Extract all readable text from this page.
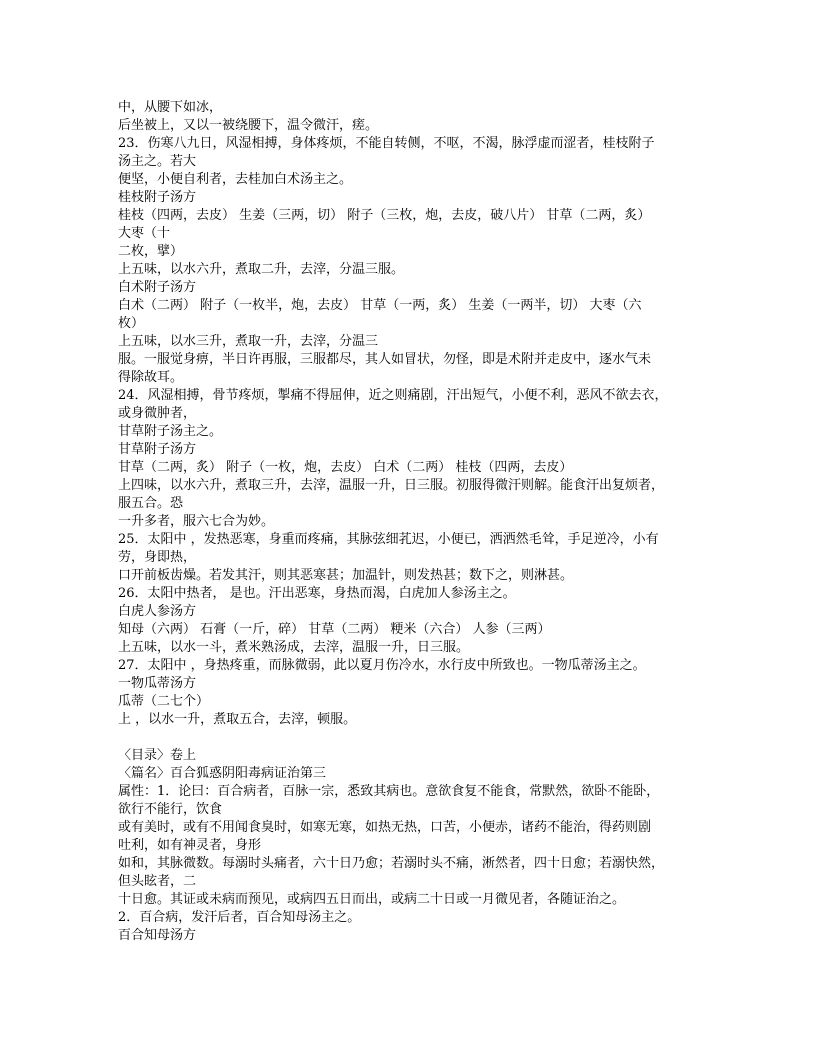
中，从腰下如冰，
后坐被上，又以一被绕腰下，温令微汗，瘥。
23．伤寒八九日，风湿相搏，身体疼烦，不能自转侧，不呕，不渴，脉浮虚而涩者，桂枝附子
汤主之。若大
便坚，小便自利者，去桂加白术汤主之。
桂枝附子汤方
桂枝（四两，去皮） 生姜（三两，切） 附子（三枚，炮，去皮，破八片） 甘草（二两，炙）
大枣（十
二枚，擘）
上五味，以水六升，煮取二升，去滓，分温三服。
白术附子汤方
白术（二两） 附子（一枚半，炮，去皮） 甘草（一两，炙） 生姜（一两半，切） 大枣（六
枚）
上五味，以水三升，煮取一升，去滓，分温三
服。一服觉身痹，半日许再服，三服都尽，其人如冒状，勿怪，即是术附并走皮中，逐水气未
得除故耳。
24．风湿相搏，骨节疼烦，掣痛不得屈伸，近之则痛剧，汗出短气，小便不利，恶风不欲去衣，
或身微肿者，
甘草附子汤主之。
甘草附子汤方
甘草（二两，炙） 附子（一枚，炮，去皮） 白术（二两） 桂枝（四两，去皮）
上四味，以水六升，煮取三升，去滓，温服一升，日三服。初服得微汗则解。能食汗出复烦者，
服五合。恐
一升多者，服六七合为妙。
25．太阳中 ，发热恶寒，身重而疼痛，其脉弦细芤迟，小便已，洒洒然毛耸，手足逆冷，小有
劳，身即热，
口开前板齿燥。若发其汗，则其恶寒甚；加温针，则发热甚；数下之，则淋甚。
26．太阳中热者， 是也。汗出恶寒，身热而渴，白虎加人参汤主之。
白虎人参汤方
知母（六两） 石膏（一斤，碎） 甘草（二两） 粳米（六合） 人参（三两）
上五味，以水一斗，煮米熟汤成，去滓，温服一升，日三服。
27．太阳中 ，身热疼重，而脉微弱，此以夏月伤冷水，水行皮中所致也。一物瓜蒂汤主之。
一物瓜蒂汤方
瓜蒂（二七个）
上 ，以水一升，煮取五合，去滓，顿服。
〈目录〉卷上
〈篇名〉百合狐惑阴阳毒病证治第三
属性：1．论曰：百合病者，百脉一宗，悉致其病也。意欲食复不能食，常默然，欲卧不能卧，
欲行不能行，饮食
或有美时，或有不用闻食臭时，如寒无寒，如热无热，口苦，小便赤，诸药不能治，得药则剧
吐利，如有神灵者，身形
如和，其脉微数。每溺时头痛者，六十日乃愈；若溺时头不痛，淅然者，四十日愈；若溺快然，
但头眩者，二
十日愈。其证或未病而预见，或病四五日而出，或病二十日或一月微见者，各随证治之。
2．百合病，发汗后者，百合知母汤主之。
百合知母汤方
